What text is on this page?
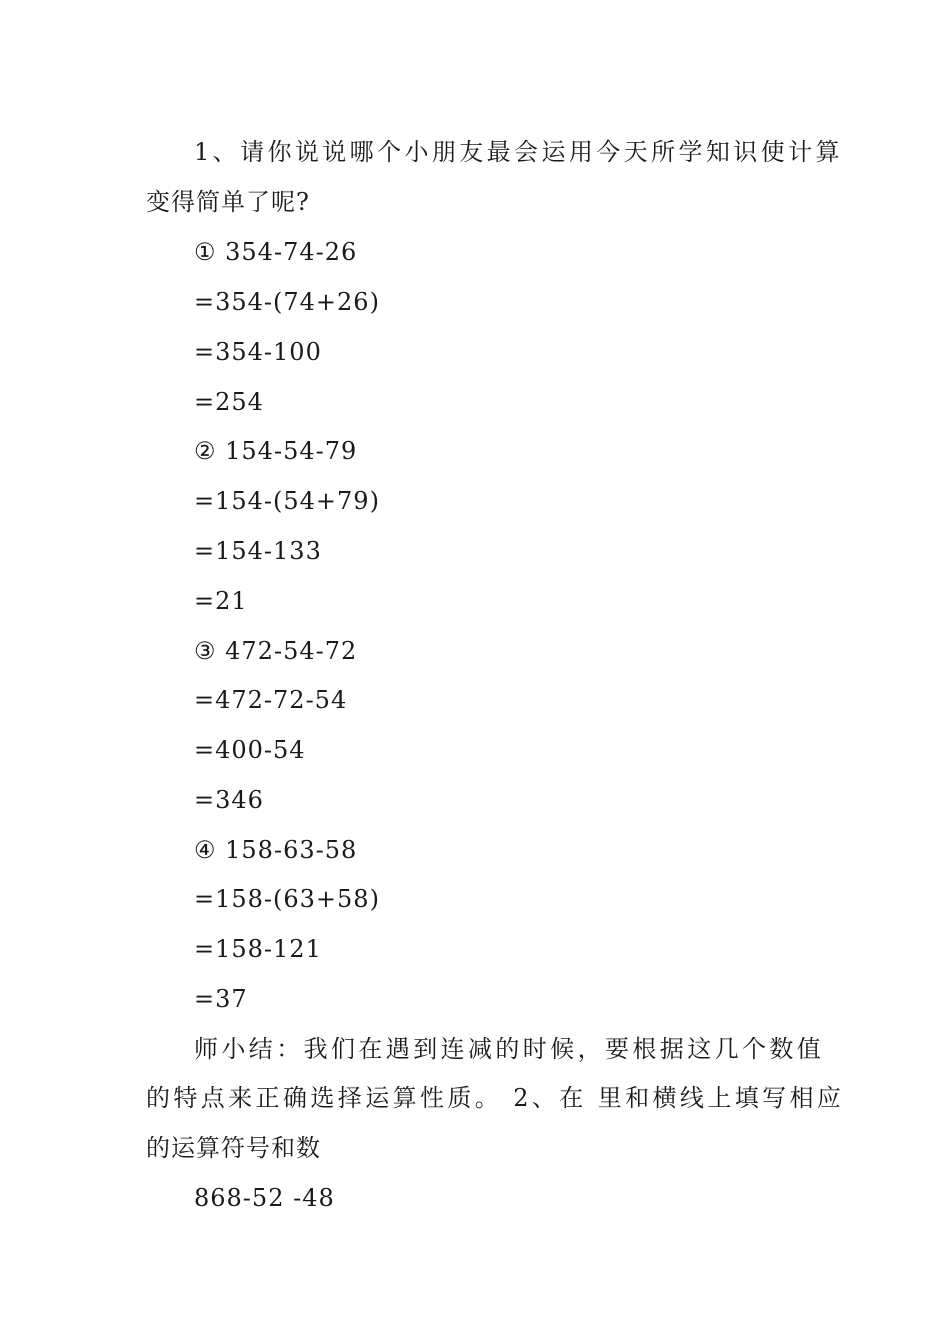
1、请你说说哪个小朋友最会运用今天所学知识使计算
变得简单了呢?
① 354-74-26
=354-(74+26)
=354-100
=254
② 154-54-79
=154-(54+79)
=154-133
=21
③ 472-54-72
=472-72-54
=400-54
=346
④ 158-63-58
=158-(63+58)
=158-121
=37
师小结：我们在遇到连减的时候，要根据这几个数值
的特点来正确选择运算性质。 2、在 里和横线上填写相应
的运算符号和数
868-52 -48
